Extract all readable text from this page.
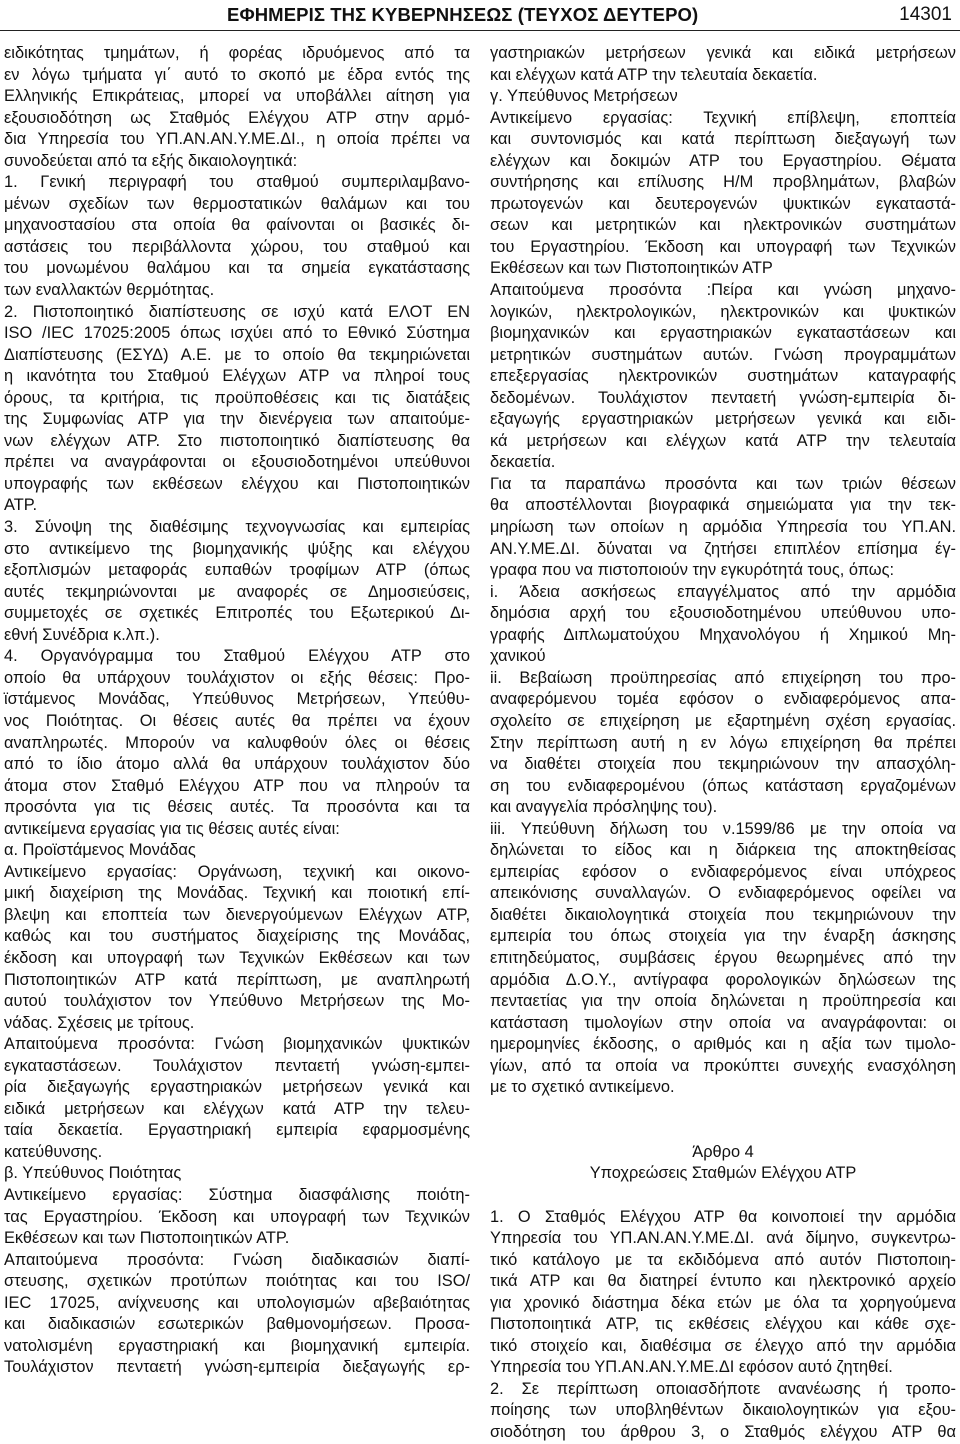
ΕΦΗΜΕΡΙΣ ΤΗΣ ΚΥΒΕΡΝΗΣΕΩΣ (ΤΕΥΧΟΣ ΔΕΥΤΕΡΟ)	14301
ειδικότητας τμημάτων, ή φορέας ιδρυόμενος από τα
εν λόγω τμήματα γι΄ αυτό το σκοπό με έδρα εντός της
Ελληνικής Επικράτειας, μπορεί να υποβάλλει αίτηση για
εξουσιοδότηση ως Σταθμός Ελέγχου ΑΤΡ στην αρμό-
δια Υπηρεσία του ΥΠ.ΑΝ.ΑΝ.Υ.ΜΕ.ΔΙ., η οποία πρέπει να
συνοδεύεται από τα εξής δικαιολογητικά:
1. Γενική περιγραφή του σταθμού συμπεριλαμβανο-
μένων σχεδίων των θερμοστατικών θαλάμων και του
μηχανοστασίου στα οποία θα φαίνονται οι βασικές δι-
αστάσεις του περιβάλλοντα χώρου, του σταθμού και
του μονωμένου θαλάμου και τα σημεία εγκατάστασης
των εναλλακτών θερμότητας.
2. Πιστοποιητικό διαπίστευσης σε ισχύ κατά ΕΛΟΤ ΕΝ
ISO /IEC 17025:2005 όπως ισχύει από το Εθνικό Σύστημα
Διαπίστευσης (ΕΣΥΔ) Α.Ε. με το οποίο θα τεκμηριώνεται
η ικανότητα του Σταθμού Ελέγχων ΑΤΡ να πληροί τους
όρους, τα κριτήρια, τις προϋποθέσεις και τις διατάξεις
της Συμφωνίας ΑΤΡ για την διενέργεια των απαιτούμε-
νων ελέγχων ΑΤΡ. Στο πιστοποιητικό διαπίστευσης θα
πρέπει να αναγράφονται οι εξουσιοδοτημένοι υπεύθυνοι
υπογραφής των εκθέσεων ελέγχου και Πιστοποιητικών
ΑΤΡ.
3. Σύνοψη της διαθέσιμης τεχνογνωσίας και εμπειρίας
στο αντικείμενο της βιομηχανικής ψύξης και ελέγχου
εξοπλισμών μεταφοράς ευπαθών τροφίμων ΑΤΡ (όπως
αυτές τεκμηριώνονται με αναφορές σε Δημοσιεύσεις,
συμμετοχές σε σχετικές Επιτροπές του Εξωτερικού Δι-
εθνή Συνέδρια κ.λπ.).
4. Οργανόγραμμα του Σταθμού Ελέγχου ΑΤΡ στο
οποίο θα υπάρχουν τουλάχιστον οι εξής θέσεις: Προ-
ϊστάμενος Μονάδας, Υπεύθυνος Μετρήσεων, Υπεύθυ-
νος Ποιότητας. Οι θέσεις αυτές θα πρέπει να έχουν
αναπληρωτές. Μπορούν να καλυφθούν όλες οι θέσεις
από το ίδιο άτομο αλλά θα υπάρχουν τουλάχιστον δύο
άτομα στον Σταθμό Ελέγχου ΑΤΡ που να πληρούν τα
προσόντα για τις θέσεις αυτές. Τα προσόντα και τα
αντικείμενα εργασίας για τις θέσεις αυτές είναι:
α. Προϊστάμενος Μονάδας
Αντικείμενο εργασίας: Οργάνωση, τεχνική και οικονο-
μική διαχείριση της Μονάδας. Τεχνική και ποιοτική επί-
βλεψη και εποπτεία των διενεργούμενων Ελέγχων ΑΤΡ,
καθώς και του συστήματος διαχείρισης της Μονάδας,
έκδοση και υπογραφή των Τεχνικών Εκθέσεων και των
Πιστοποιητικών ΑΤΡ κατά περίπτωση, με αναπληρωτή
αυτού τουλάχιστον τον Υπεύθυνο Μετρήσεων της Μο-
νάδας. Σχέσεις με τρίτους.
Απαιτούμενα προσόντα: Γνώση βιομηχανικών ψυκτικών
εγκαταστάσεων. Τουλάχιστον πενταετή γνώση-εμπει-
ρία διεξαγωγής εργαστηριακών μετρήσεων γενικά και
ειδικά μετρήσεων και ελέγχων κατά ΑΤΡ την τελευ-
ταία δεκαετία. Εργαστηριακή εμπειρία εφαρμοσμένης
κατεύθυνσης.
β. Υπεύθυνος Ποιότητας
Αντικείμενο εργασίας: Σύστημα διασφάλισης ποιότη-
τας Εργαστηρίου. Έκδοση και υπογραφή των Τεχνικών
Εκθέσεων και των Πιστοποιητικών ΑΤΡ.
Απαιτούμενα προσόντα: Γνώση διαδικασιών διαπί-
στευσης, σχετικών προτύπων ποιότητας και του ISO/
IEC 17025, ανίχνευσης και υπολογισμών αβεβαιότητας
και διαδικασιών εσωτερικών βαθμονομήσεων. Προσα-
νατολισμένη εργαστηριακή και βιομηχανική εμπειρία.
Τουλάχιστον πενταετή γνώση-εμπειρία διεξαγωγής ερ-
γαστηριακών μετρήσεων γενικά και ειδικά μετρήσεων
και ελέγχων κατά ΑΤΡ την τελευταία δεκαετία.
γ. Υπεύθυνος Μετρήσεων
Αντικείμενο εργασίας: Τεχνική επίβλεψη, εποπτεία
και συντονισμός και κατά περίπτωση διεξαγωγή των
ελέγχων και δοκιμών ΑΤΡ του Εργαστηρίου. Θέματα
συντήρησης και επίλυσης Η/Μ προβλημάτων, βλαβών
πρωτογενών και δευτερογενών ψυκτικών εγκαταστά-
σεων και μετρητικών και ηλεκτρονικών συστημάτων
του Εργαστηρίου. Έκδοση και υπογραφή των Τεχνικών
Εκθέσεων και των Πιστοποιητικών ΑΤΡ
Απαιτούμενα προσόντα :Πείρα και γνώση μηχανο-
λογικών, ηλεκτρολογικών, ηλεκτρονικών και ψυκτικών
βιομηχανικών και εργαστηριακών εγκαταστάσεων και
μετρητικών συστημάτων αυτών. Γνώση προγραμμάτων
επεξεργασίας ηλεκτρονικών συστημάτων καταγραφής
δεδομένων. Τουλάχιστον πενταετή γνώση-εμπειρία δι-
εξαγωγής εργαστηριακών μετρήσεων γενικά και ειδι-
κά μετρήσεων και ελέγχων κατά ΑΤΡ την τελευταία
δεκαετία.
Για τα παραπάνω προσόντα και των τριών θέσεων
θα αποστέλλονται βιογραφικά σημειώματα για την τεκ-
μηρίωση των οποίων η αρμόδια Υπηρεσία του ΥΠ.ΑΝ.
ΑΝ.Υ.ΜΕ.ΔΙ. δύναται να ζητήσει επιπλέον επίσημα έγ-
γραφα που να πιστοποιούν την εγκυρότητά τους, όπως:
i. Άδεια ασκήσεως επαγγέλματος από την αρμόδια
δημόσια αρχή του εξουσιοδοτημένου υπεύθυνου υπο-
γραφής Διπλωματούχου Μηχανολόγου ή Χημικού Μη-
χανικού
ii. Βεβαίωση προϋπηρεσίας από επιχείρηση του προ-
αναφερόμενου τομέα εφόσον ο ενδιαφερόμενος απα-
σχολείτο σε επιχείρηση με εξαρτημένη σχέση εργασίας.
Στην περίπτωση αυτή η εν λόγω επιχείρηση θα πρέπει
να διαθέτει στοιχεία που τεκμηριώνουν την απασχόλη-
ση του ενδιαφερομένου (όπως κατάσταση εργαζομένων
και αναγγελία πρόσληψης του).
iii. Υπεύθυνη δήλωση του ν.1599/86 με την οποία να
δηλώνεται το είδος και η διάρκεια της αποκτηθείσας
εμπειρίας εφόσον ο ενδιαφερόμενος είναι υπόχρεος
απεικόνισης συναλλαγών. Ο ενδιαφερόμενος οφείλει να
διαθέτει δικαιολογητικά στοιχεία που τεκμηριώνουν την
εμπειρία του όπως στοιχεία για την έναρξη άσκησης
επιτηδεύματος, συμβάσεις έργου θεωρημένες από την
αρμόδια Δ.Ο.Υ., αντίγραφα φορολογικών δηλώσεων της
πενταετίας για την οποία δηλώνεται η προϋπηρεσία και
κατάσταση τιμολογίων στην οποία να αναγράφονται: οι
ημερομηνίες έκδοσης, ο αριθμός και η αξία των τιμολο-
γίων, από τα οποία να προκύπτει συνεχής ενασχόληση
με το σχετικό αντικείμενο.
Άρθρο 4
Υποχρεώσεις Σταθμών Ελέγχου ΑΤΡ
1. Ο Σταθμός Ελέγχου ΑΤΡ θα κοινοποιεί την αρμόδια
Υπηρεσία του ΥΠ.ΑΝ.ΑΝ.Υ.ΜΕ.ΔΙ. ανά δίμηνο, συγκεντρω-
τικό κατάλογο με τα εκδιδόμενα από αυτόν Πιστοποιη-
τικά ΑΤΡ και θα διατηρεί έντυπο και ηλεκτρονικό αρχείο
για χρονικό διάστημα δέκα ετών με όλα τα χορηγούμενα
Πιστοποιητικά ΑΤΡ, τις εκθέσεις ελέγχου και κάθε σχε-
τικό στοιχείο και, διαθέσιμα σε έλεγχο από την αρμόδια
Υπηρεσία του ΥΠ.ΑΝ.ΑΝ.Υ.ΜΕ.ΔΙ εφόσον αυτό ζητηθεί.
2. Σε περίπτωση οποιασδήποτε ανανέωσης ή τροπο-
ποίησης των υποβληθέντων δικαιολογητικών για εξου-
σιοδότηση του άρθρου 3, ο Σταθμός ελέγχου ΑΤΡ θα
